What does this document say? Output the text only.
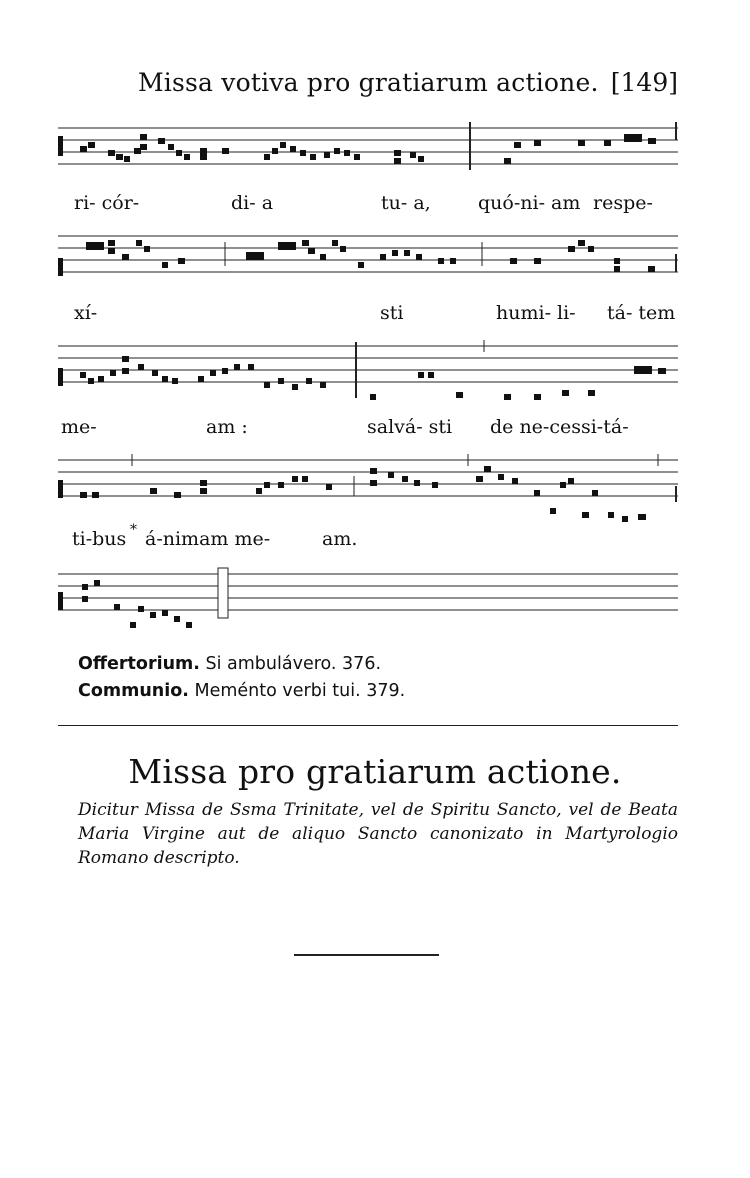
Missa votiva pro gratiarum actione. [149]
ri- cór-	di- a	tu- a, quó-ni- am respe-
xí-	sti	humi- li- tá- tem
me-	am :	salvá- sti de ne-cessi-tá-
ti-bus * á-nimam me-	am.
Offertorium. Si ambulávero. 376.
Communio. Meménto verbi tui. 379.
Missa pro gratiarum actione.
Dicitur Missa de Ssma Trinitate, vel de Spiritu Sancto, vel de Beata Maria Virgine aut de aliquo Sancto canonizato in Martyrologio Romano descripto.
